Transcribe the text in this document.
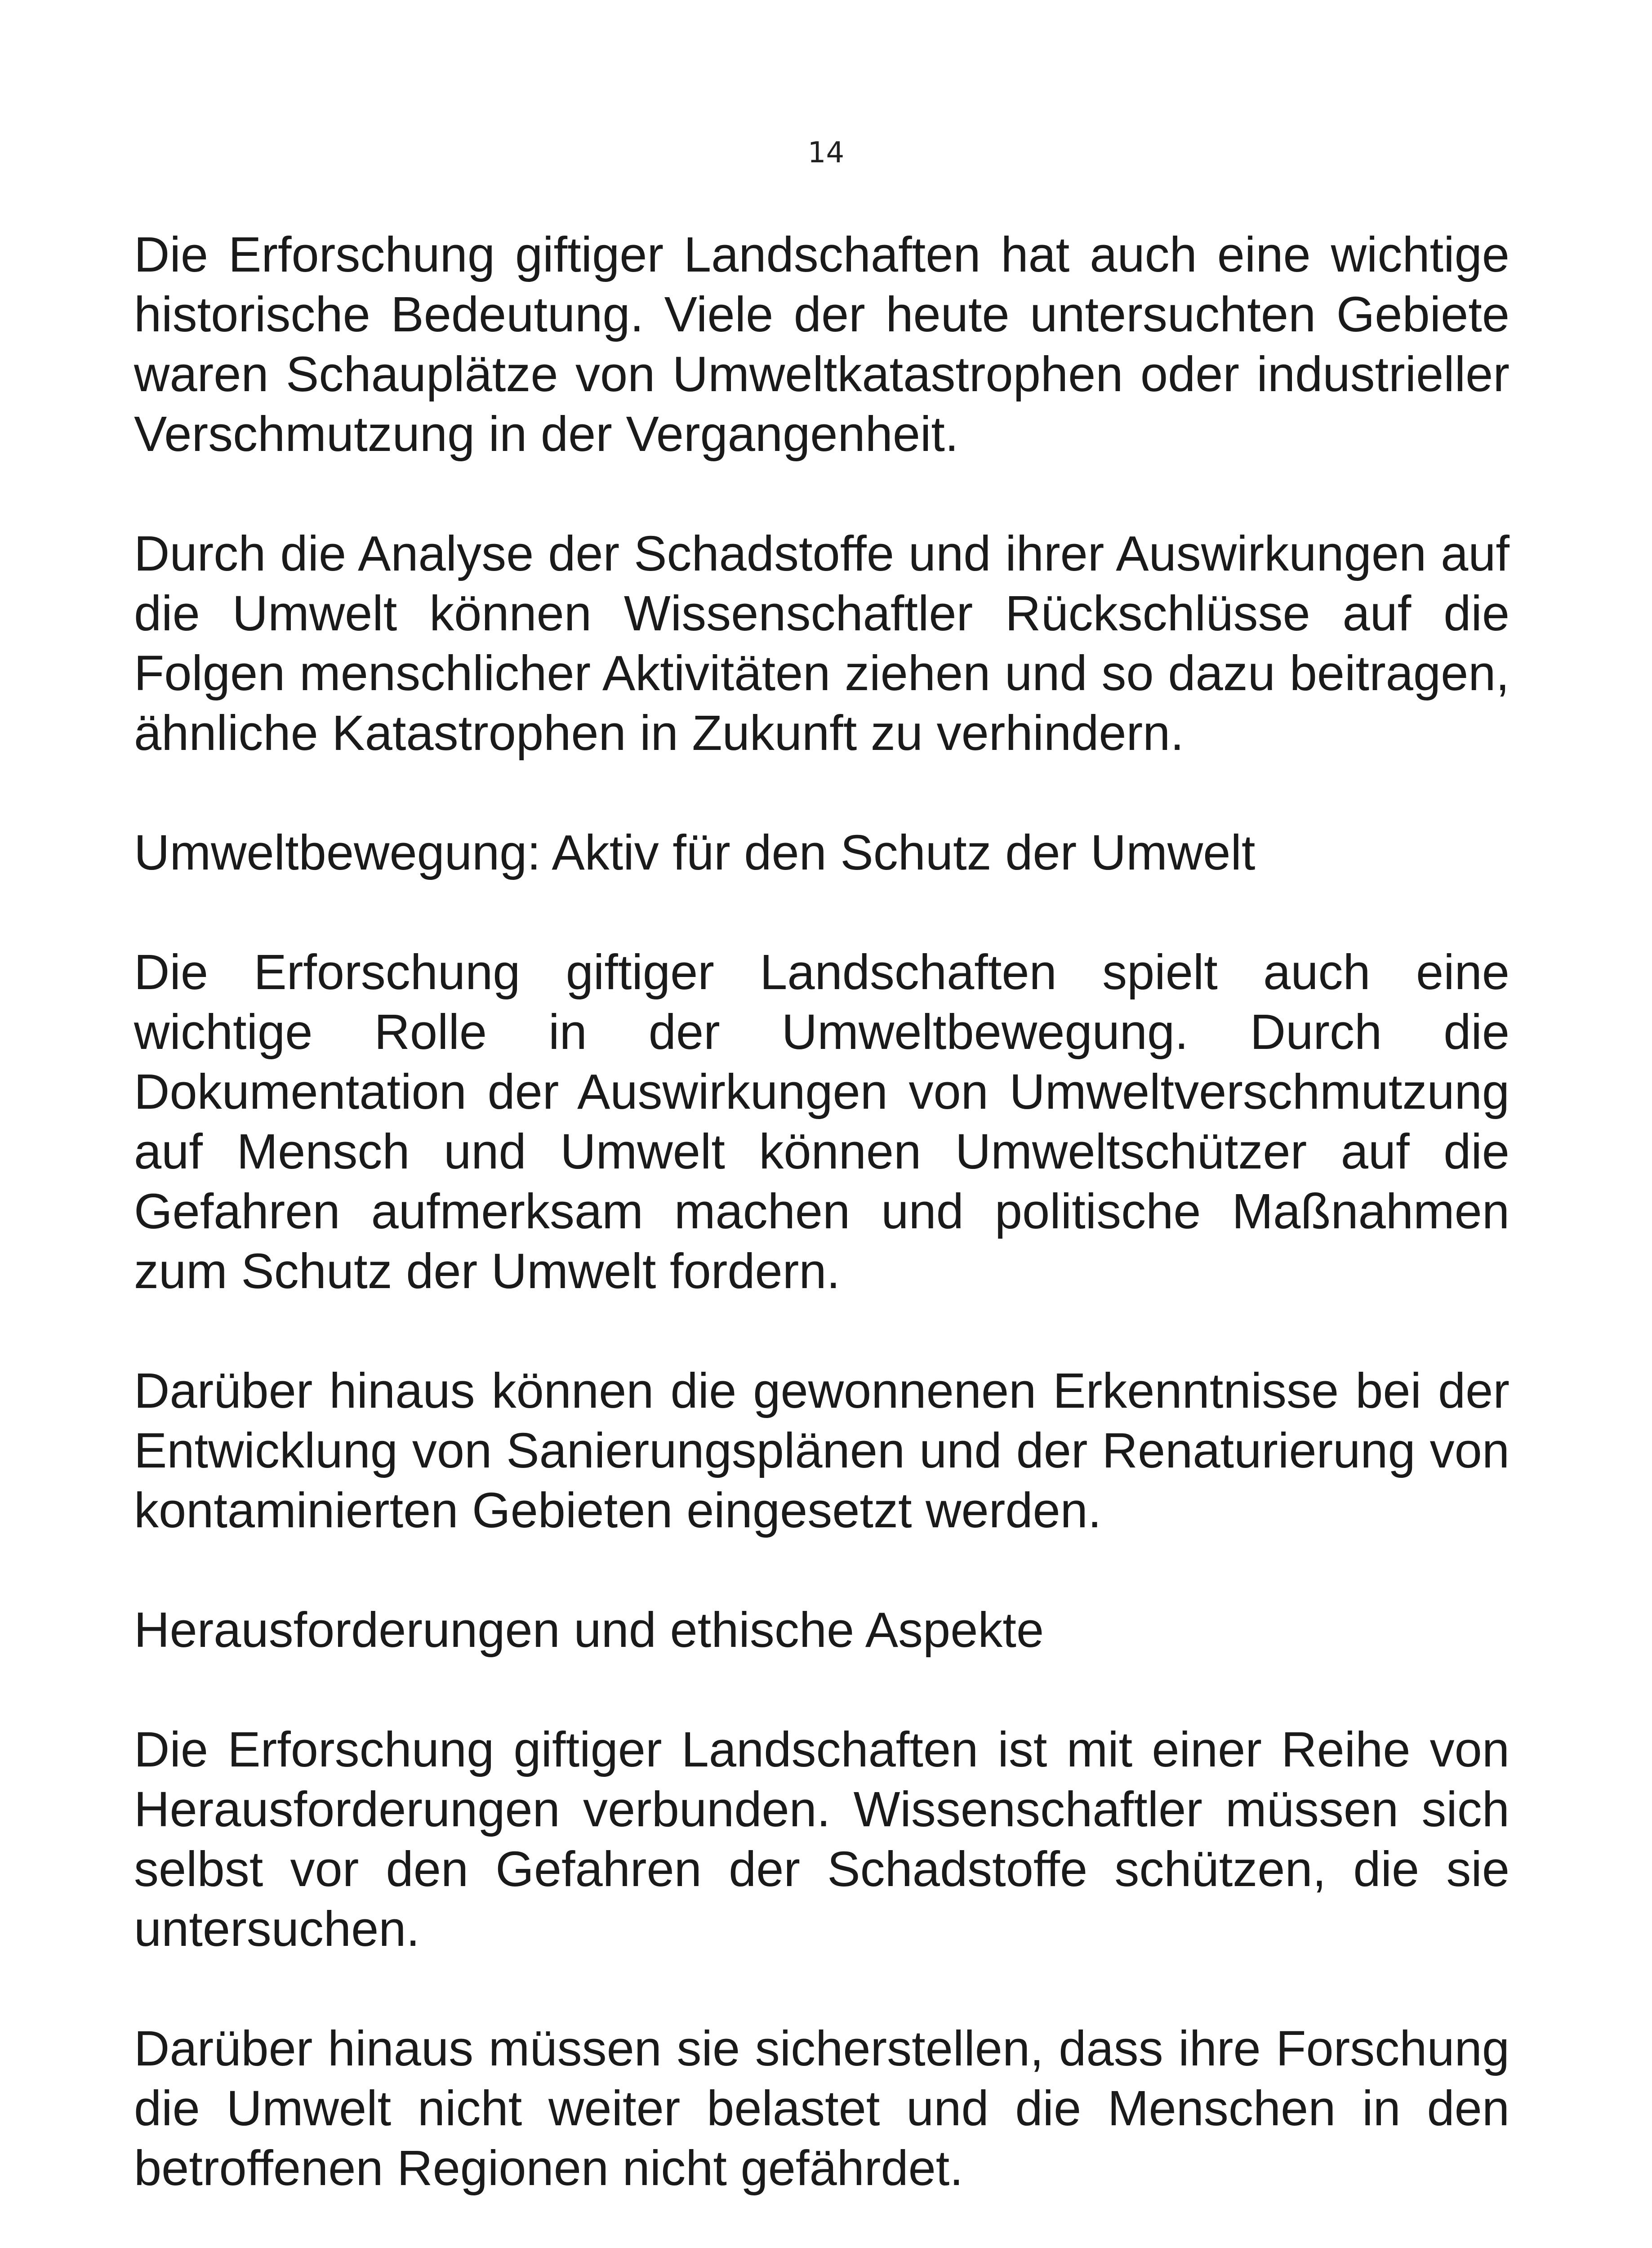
14

Die Erforschung giftiger Landschaften hat auch eine wichtige historische Bedeutung. Viele der heute untersuchten Gebiete waren Schauplätze von Umweltkatastrophen oder industrieller Verschmutzung in der Vergangenheit.

Durch die Analyse der Schadstoffe und ihrer Auswirkungen auf die Umwelt können Wissenschaftler Rückschlüsse auf die Folgen menschlicher Aktivitäten ziehen und so dazu beitragen, ähnliche Katastrophen in Zukunft zu verhindern.

Umweltbewegung: Aktiv für den Schutz der Umwelt

Die Erforschung giftiger Landschaften spielt auch eine wichtige Rolle in der Umweltbewegung. Durch die Dokumentation der Auswirkungen von Umweltverschmutzung auf Mensch und Umwelt können Umweltschützer auf die Gefahren aufmerksam machen und politische Maßnahmen zum Schutz der Umwelt fordern.

Darüber hinaus können die gewonnenen Erkenntnisse bei der Entwicklung von Sanierungsplänen und der Renaturierung von kontaminierten Gebieten eingesetzt werden.

Herausforderungen und ethische Aspekte

Die Erforschung giftiger Landschaften ist mit einer Reihe von Herausforderungen verbunden. Wissenschaftler müssen sich selbst vor den Gefahren der Schadstoffe schützen, die sie untersuchen.

Darüber hinaus müssen sie sicherstellen, dass ihre Forschung die Umwelt nicht weiter belastet und die Menschen in den betroffenen Regionen nicht gefährdet.
